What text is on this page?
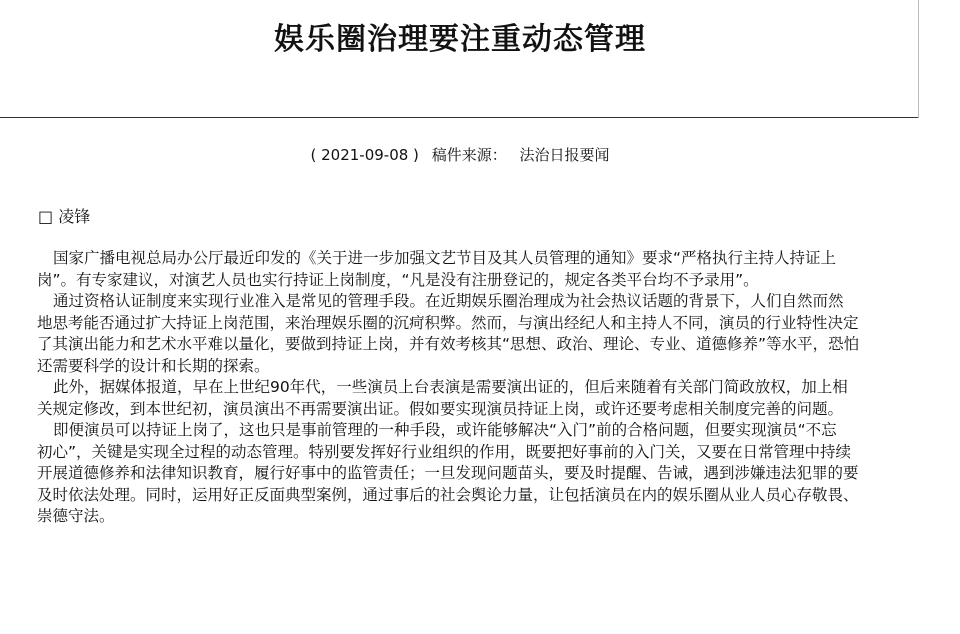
娱乐圈治理要注重动态管理
( 2021-09-08 ) 稿件来源： 法治日报要闻
□ 凌锋
国家广播电视总局办公厅最近印发的《关于进一步加强文艺节目及其人员管理的通知》要求“严格执行主持人持证上
岗”。有专家建议，对演艺人员也实行持证上岗制度，“凡是没有注册登记的，规定各类平台均不予录用”。
通过资格认证制度来实现行业准入是常见的管理手段。在近期娱乐圈治理成为社会热议话题的背景下，人们自然而然
地思考能否通过扩大持证上岗范围，来治理娱乐圈的沉疴积弊。然而，与演出经纪人和主持人不同，演员的行业特性决定
了其演出能力和艺术水平难以量化，要做到持证上岗，并有效考核其“思想、政治、理论、专业、道德修养”等水平，恐怕
还需要科学的设计和长期的探索。
此外，据媒体报道，早在上世纪90年代，一些演员上台表演是需要演出证的，但后来随着有关部门简政放权，加上相
关规定修改，到本世纪初，演员演出不再需要演出证。假如要实现演员持证上岗，或许还要考虑相关制度完善的问题。
即便演员可以持证上岗了，这也只是事前管理的一种手段，或许能够解决“入门”前的合格问题，但要实现演员“不忘
初心”，关键是实现全过程的动态管理。特别要发挥好行业组织的作用，既要把好事前的入门关，又要在日常管理中持续
开展道德修养和法律知识教育，履行好事中的监管责任；一旦发现问题苗头，要及时提醒、告诫，遇到涉嫌违法犯罪的要
及时依法处理。同时，运用好正反面典型案例，通过事后的社会舆论力量，让包括演员在内的娱乐圈从业人员心存敬畏、
崇德守法。
